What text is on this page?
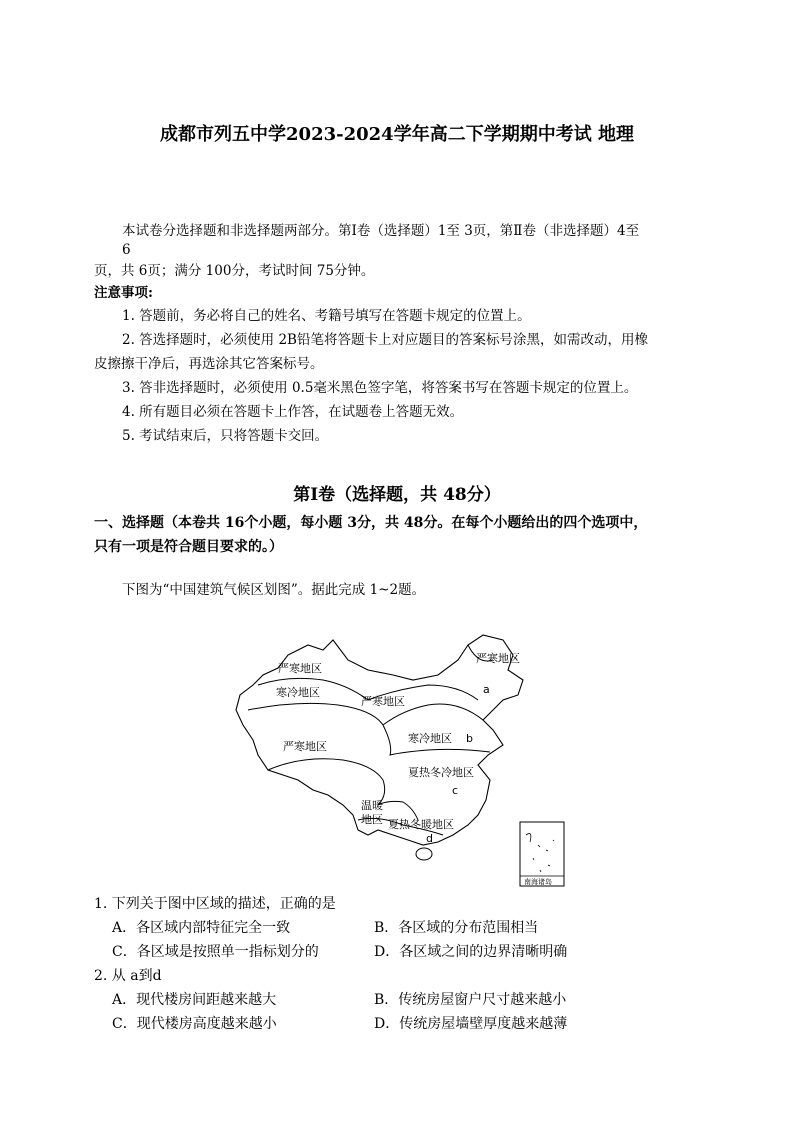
成都市列五中学2023-2024学年高二下学期期中考试 地理
本试卷分选择题和非选择题两部分。第Ⅰ卷（选择题）1至 3页，第Ⅱ卷（非选择题）4至
6
页，共 6页；满分 100分，考试时间 75分钟。
注意事项:
1. 答题前，务必将自己的姓名、考籍号填写在答题卡规定的位置上。
2. 答选择题时，必须使用 2B铅笔将答题卡上对应题目的答案标号涂黑，如需改动，用橡
皮擦擦干净后，再选涂其它答案标号。
3. 答非选择题时，必须使用 0.5毫米黑色签字笔，将答案书写在答题卡规定的位置上。
4. 所有题目必须在答题卡上作答，在试题卷上答题无效。
5. 考试结束后，只将答题卡交回。
第Ⅰ卷（选择题，共 48分）
一、选择题（本卷共 16个小题，每小题 3分，共 48分。在每个小题给出的四个选项中，
只有一项是符合题目要求的。）
下图为“中国建筑气候区划图”。据此完成 1~2题。
严寒地区
寒冷地区
严寒地区
严寒地区
a
严寒地区
寒冷地区 b
夏热冬冷地区
c
温暖
地区 夏热冬暖地区
d
南海诸岛
1. 下列关于图中区域的描述，正确的是
A．各区域内部特征完全一致	B．各区域的分布范围相当
C．各区域是按照单一指标划分的	D．各区域之间的边界清晰明确
2. 从 a到d
A．现代楼房间距越来越大	B．传统房屋窗户尺寸越来越小
C．现代楼房高度越来越小	D．传统房屋墙壁厚度越来越薄
